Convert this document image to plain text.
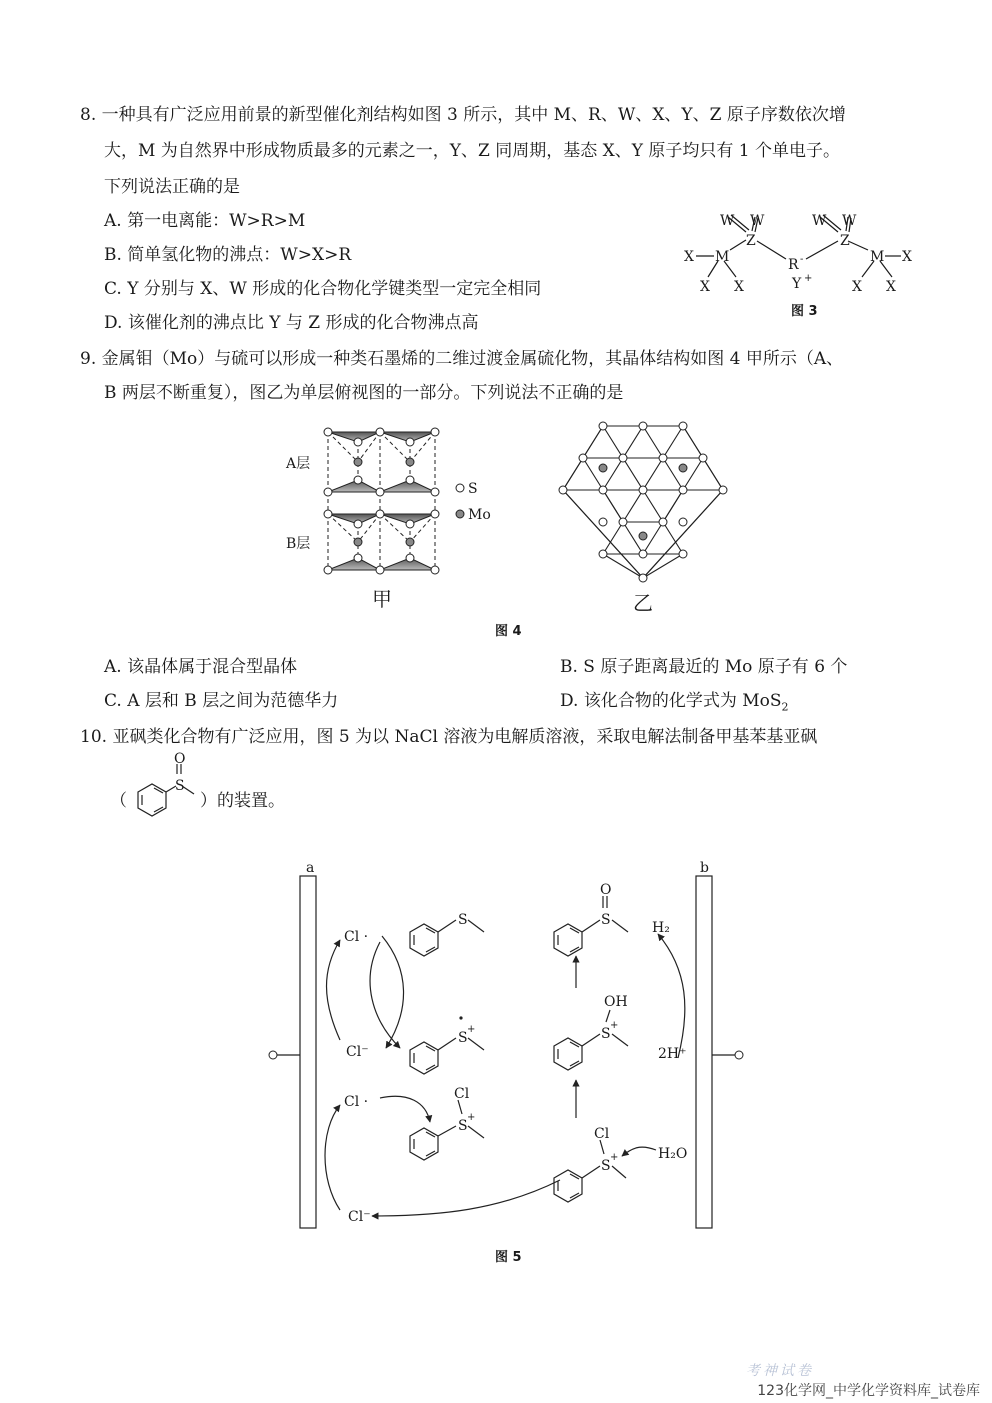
8. 一种具有广泛应用前景的新型催化剂结构如图 3 所示，其中 M、R、W、X、Y、Z 原子序数依次增
大，M 为自然界中形成物质最多的元素之一，Y、Z 同周期，基态 X、Y 原子均只有 1 个单电子。
下列说法正确的是
A. 第一电离能：W>R>M
B. 简单氢化物的沸点：W>X>R
C. Y 分别与 X、W 形成的化合物化学键类型一定完全相同
D. 该催化剂的沸点比 Y 与 Z 形成的化合物沸点高
W W
Z
R -
Z
W W
Y +
X M
X X
M X
X X
图 3
9. 金属钼（Mo）与硫可以形成一种类石墨烯的二维过渡金属硫化物，其晶体结构如图 4 甲所示（A、
B 两层不断重复），图乙为单层俯视图的一部分。下列说法不正确的是
A层
B层
S
Mo
甲	乙
图 4
A. 该晶体属于混合型晶体	B. S 原子距离最近的 Mo 原子有 6 个
C. A 层和 B 层之间为范德华力	D. 该化合物的化学式为 MoS$_2$
10. 亚砜类化合物有广泛应用，图 5 为以 NaCl 溶液为电解质溶液，采取电解法制备甲基苯基亚砜
（
S
O
）的装置。
a	b
Cl ·
Cl⁻
Cl ·
Cl⁻
H₂
2H⁺
H₂O
S
S
+
Cl
S
+
S
O
OH
S
+
Cl
S
+
图 5
考神试卷
123化学网_中学化学资料库_试卷库
